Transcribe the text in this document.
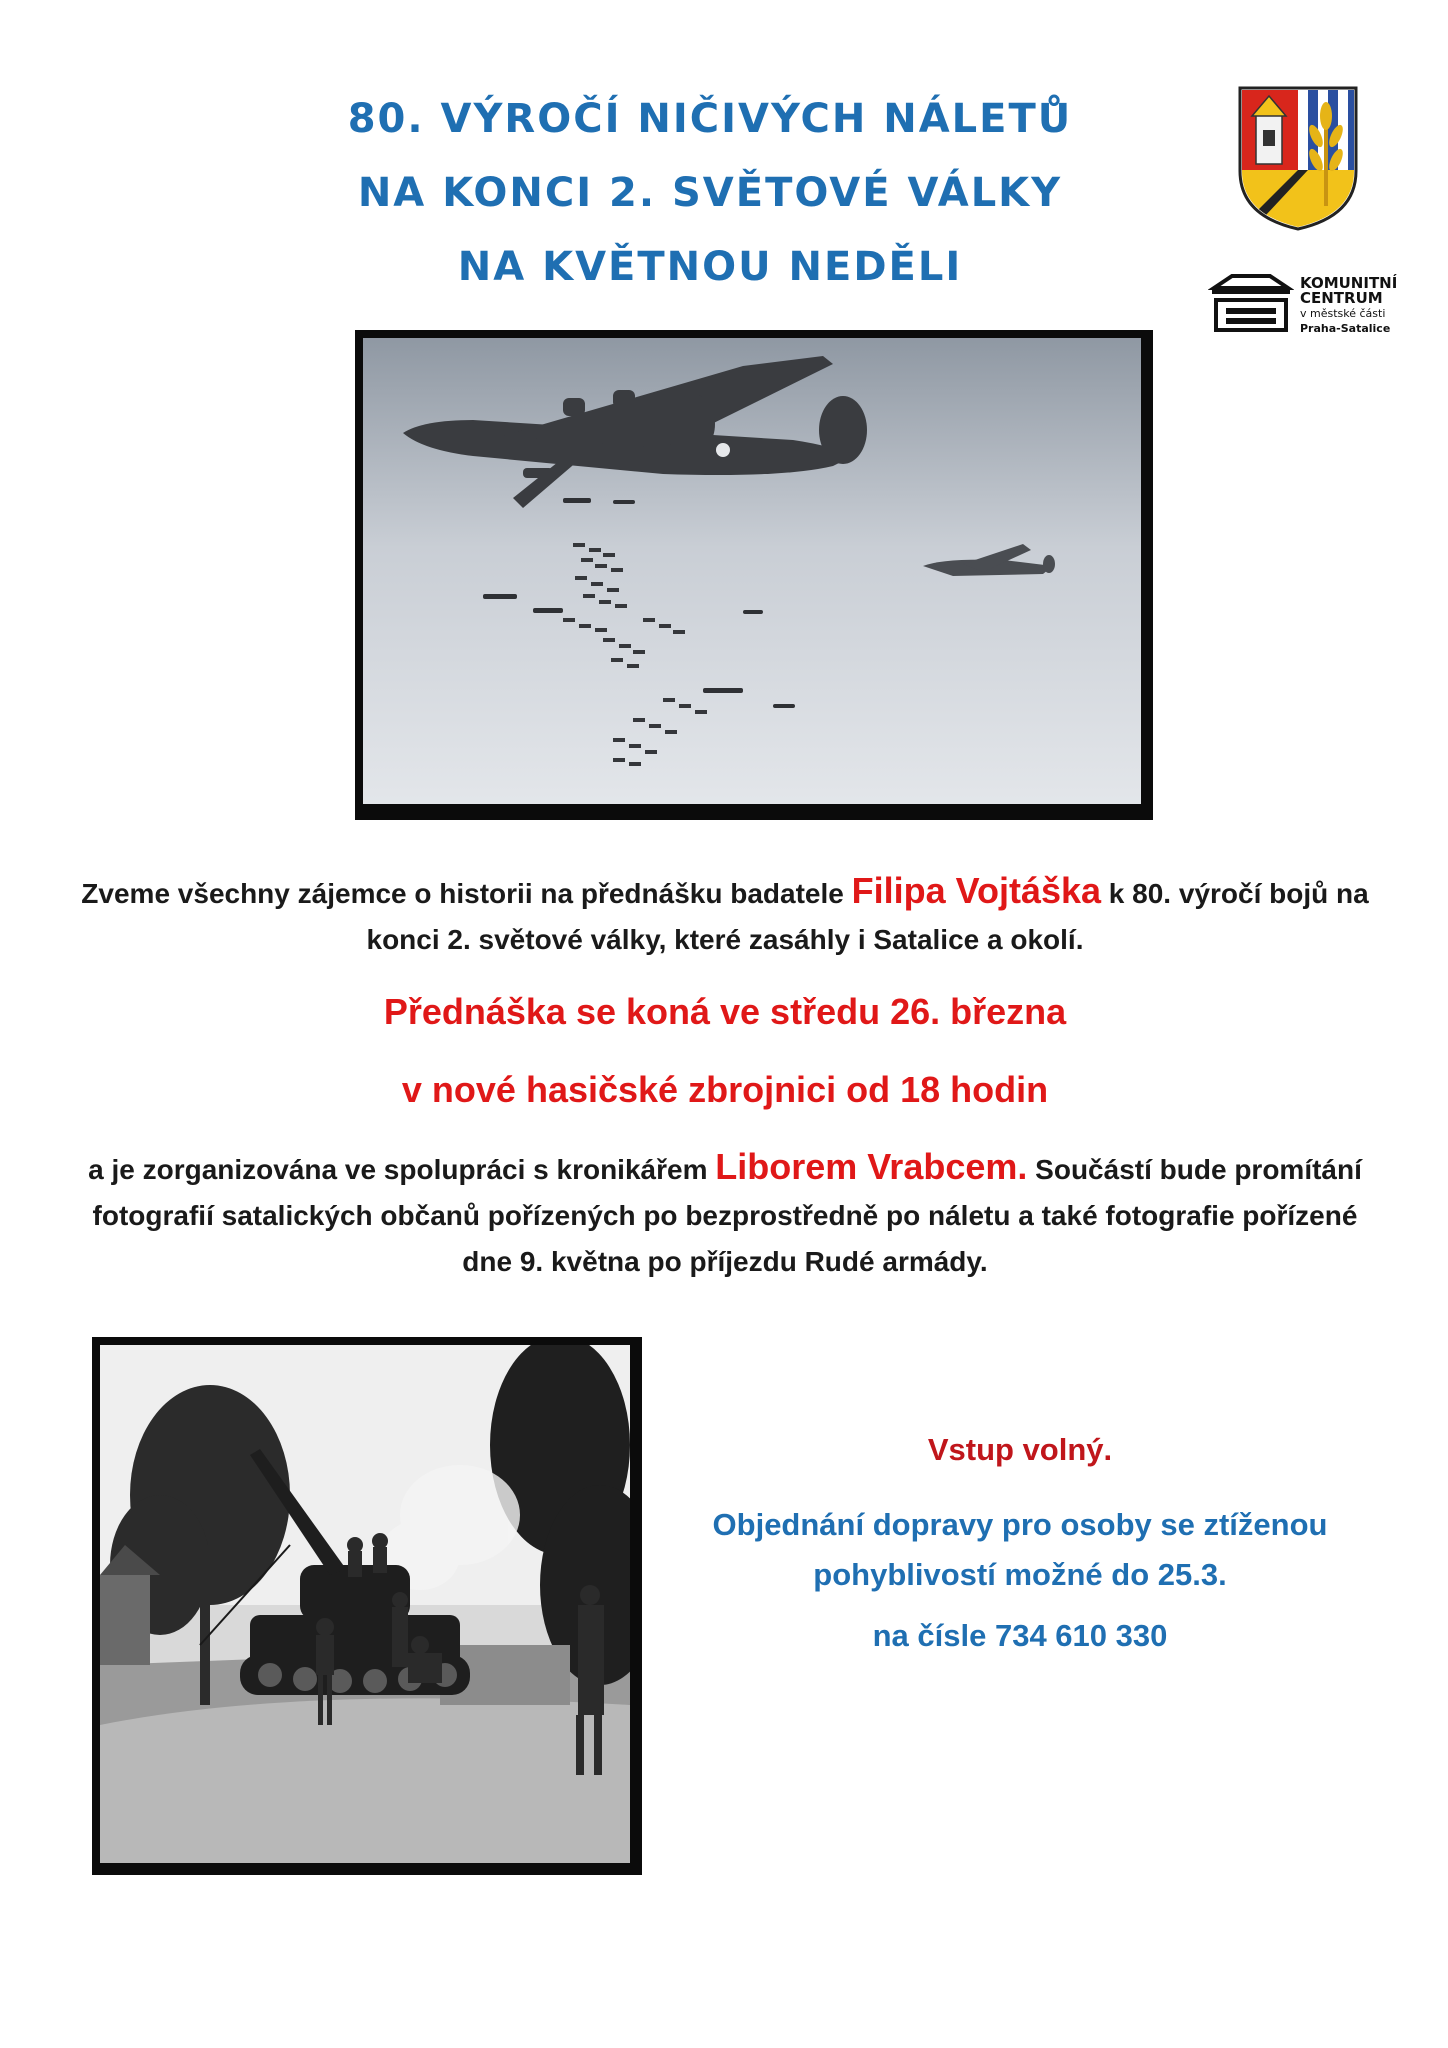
80. VÝROČÍ NIČIVÝCH NÁLETŮ
NA KONCI 2. SVĚTOVÉ VÁLKY
NA KVĚTNOU NEDĚLI	KOMUNITNÍ
CENTRUM
v městské části
Praha-Satalice
Zveme všechny zájemce o historii na přednášku badatele Filipa Vojtáška k 80. výročí bojů na konci 2. světové války, které zasáhly i Satalice a okolí.
Přednáška se koná ve středu 26. března
v nové hasičské zbrojnici od 18 hodin
a je zorganizována ve spolupráci s kronikářem Liborem Vrabcem. Součástí bude promítání fotografií satalických občanů pořízených po bezprostředně po náletu a také fotografie pořízené dne 9. května po příjezdu Rudé armády.
Vstup volný.
Objednání dopravy pro osoby se ztíženou pohyblivostí možné do 25.3.
na čísle 734 610 330
